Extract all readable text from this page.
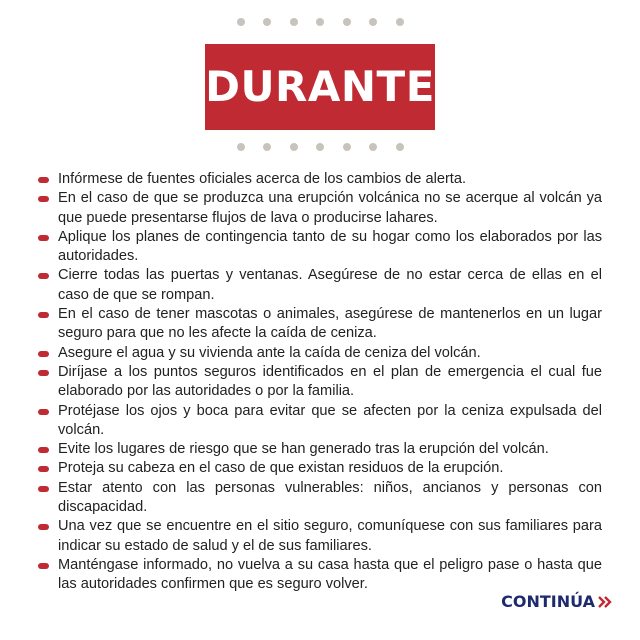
DURANTE
Infórmese de fuentes oficiales acerca de los cambios de alerta.
En el caso de que se produzca una erupción volcánica no se acerque al volcán ya que puede presentarse flujos de lava o producirse lahares.
Aplique los planes de contingencia tanto de su hogar como los elaborados por las autoridades.
Cierre todas las puertas y ventanas. Asegúrese de no estar cerca de ellas en el caso de que se rompan.
En el caso de tener mascotas o animales, asegúrese de mantenerlos en un lugar seguro para que no les afecte la caída de ceniza.
Asegure el agua y su vivienda ante la caída de ceniza del volcán.
Diríjase a los puntos seguros identificados en el plan de emergencia el cual fue elaborado por las autoridades o por la familia.
Protéjase los ojos y boca para evitar que se afecten por la ceniza expulsada del volcán.
Evite los lugares de riesgo que se han generado tras la erupción del volcán.
Proteja su cabeza en el caso de que existan residuos de la erupción.
Estar atento con las personas vulnerables: niños, ancianos y personas con discapacidad.
Una vez que se encuentre en el sitio seguro, comuníquese con sus familiares para indicar su estado de salud y el de sus familiares.
Manténgase informado, no vuelva a su casa hasta que el peligro pase o hasta que las autoridades confirmen que es seguro volver.
CONTINÚA
